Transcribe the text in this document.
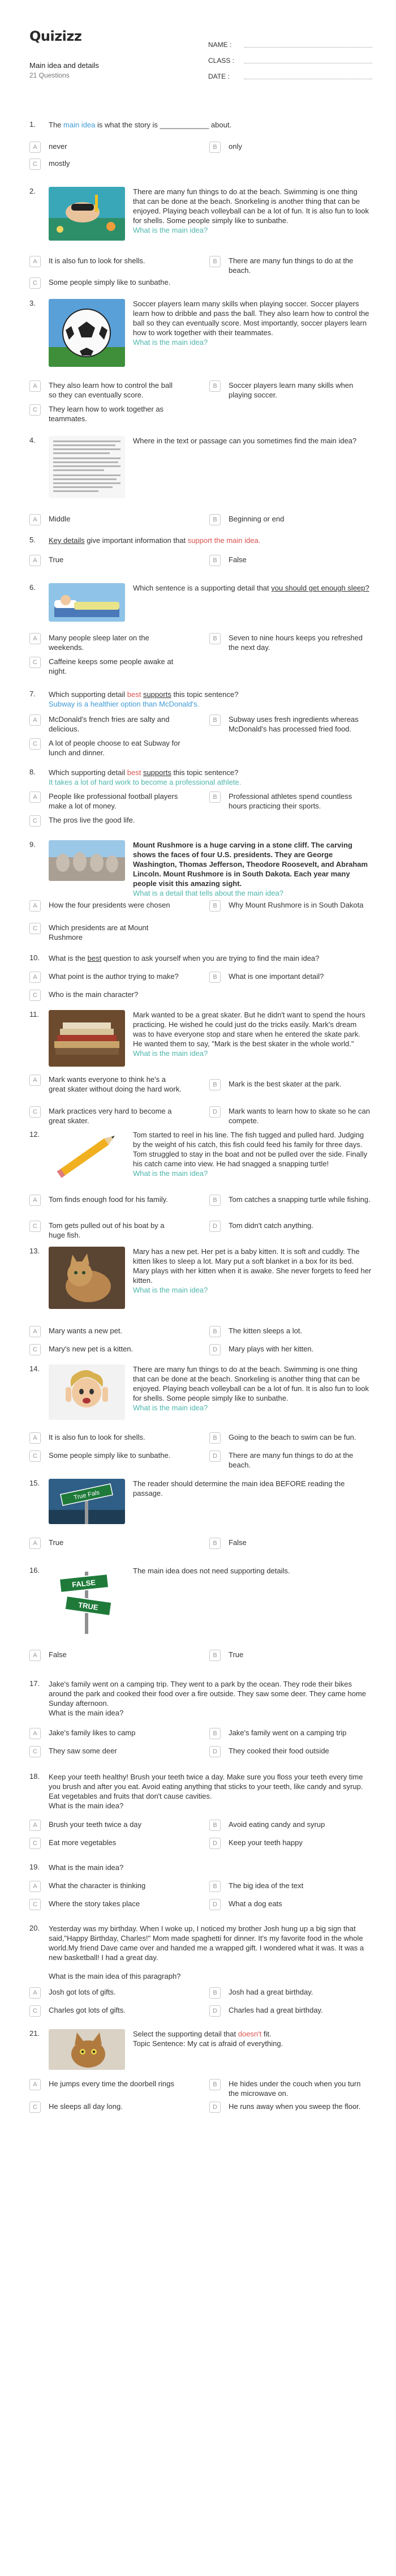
Quizizz
Main idea and details
21 Questions
NAME :
CLASS :
DATE :
1.	The main idea is what the story is ____________ about.
A	never	B	only
C	mostly
2.	There are many fun things to do at the beach. Swimming is one thing that can be done at the beach. Snorkeling is another thing that can be enjoyed. Playing beach volleyball can be a lot of fun. It is also fun to look for shells. Some people simply like to sunbathe.
What is the main idea?
A	It is also fun to look for shells.	B	There are many fun things to do at the beach.
C	Some people simply like to sunbathe.
3.	Soccer players learn many skills when playing soccer. Soccer players learn how to dribble and pass the ball. They also learn how to control the ball so they can eventually score. Most importantly, soccer players learn how to work together with their teammates.
What is the main idea?
A	They also learn how to control the ball so they can eventually score.
B	Soccer players learn many skills when playing soccer.
C	They learn how to work together as teammates.
4.	Where in the text or passage can you sometimes find the main idea?
A	Middle	B	Beginning or end
5.	Key details give important information that support the main idea.
A	True	B	False
6.	Which sentence is a supporting detail that you should get enough sleep?
A	Many people sleep later on the weekends.
B	Seven to nine hours keeps you refreshed the next day.
C	Caffeine keeps some people awake at night.
7.	Which supporting detail best supports this topic sentence?
Subway is a healthier option than McDonald's.
A	McDonald's french fries are salty and delicious.
B	Subway uses fresh ingredients whereas McDonald's has processed fried food.
C	A lot of people choose to eat Subway for lunch and dinner.
8.	Which supporting detail best supports this topic sentence?
It takes a lot of hard work to become a professional athlete.
A	People like professional football players make a lot of money.
B	Professional athletes spend countless hours practicing their sports.
C	The pros live the good life.
9.	Mount Rushmore is a huge carving in a stone cliff. The carving shows the faces of four U.S. presidents. They are George Washington, Thomas Jefferson, Theodore Roosevelt, and Abraham Lincoln. Mount Rushmore is in South Dakota. Each year many people visit this amazing sight.
What is a detail that tells about the main idea?
A	How the four presidents were chosen	B	Why Mount Rushmore is in South Dakota
C	Which presidents are at Mount Rushmore
10.	What is the best question to ask yourself when you are trying to find the main idea?
A	What point is the author trying to make?	B	What is one important detail?
C	Who is the main character?
11.	Mark wanted to be a great skater. But he didn't want to spend the hours practicing. He wished he could just do the tricks easily. Mark's dream was to have everyone stop and stare when he entered the skate park. He wanted them to say, "Mark is the best skater in the whole world."
What is the main idea?
A	Mark wants everyone to think he's a great skater without doing the hard work.	B	Mark is the best skater at the park.
C	Mark practices very hard to become a great skater.
D	Mark wants to learn how to skate so he can compete.
12.	Tom started to reel in his line. The fish tugged and pulled hard. Judging by the weight of his catch, this fish could feed his family for three days. Tom struggled to stay in the boat and not be pulled over the side. Finally his catch came into view. He had snagged a snapping turtle!
What is the main idea?
A	Tom finds enough food for his family.	B	Tom catches a snapping turtle while fishing.
C	Tom gets pulled out of his boat by a huge fish.
D	Tom didn't catch anything.
13.	Mary has a new pet. Her pet is a baby kitten. It is soft and cuddly. The kitten likes to sleep a lot. Mary put a soft blanket in a box for its bed. Mary plays with her kitten when it is awake. She never forgets to feed her kitten.
What is the main idea?
A	Mary wants a new pet.	B	The kitten sleeps a lot.
C	Mary's new pet is a kitten.	D	Mary plays with her kitten.
14.	There are many fun things to do at the beach. Swimming is one thing that can be done at the beach. Snorkeling is another thing that can be enjoyed. Playing beach volleyball can be a lot of fun. It is also fun to look for shells. Some people simply like to sunbathe.
What is the main idea?
A	It is also fun to look for shells.	B	Going to the beach to swim can be fun.
C	Some people simply like to sunbathe.	D	There are many fun things to do at the beach.
15.
True Fals
The reader should determine the main idea BEFORE reading the passage.
A	True	B	False
16.
FALSE
TRUE
The main idea does not need supporting details.
A	False	B	True
17.	Jake's family went on a camping trip. They went to a park by the ocean. They rode their bikes around the park and cooked their food over a fire outside. They saw some deer. They came home Sunday afternoon.
What is the main idea?
A	Jake's family likes to camp	B	Jake's family went on a camping trip
C	They saw some deer	D	They cooked their food outside
18.	Keep your teeth healthy! Brush your teeth twice a day. Make sure you floss your teeth every time you brush and after you eat. Avoid eating anything that sticks to your teeth, like candy and syrup. Eat vegetables and fruits that don't cause cavities.
What is the main idea?
A	Brush your teeth twice a day	B	Avoid eating candy and syrup
C	Eat more vegetables	D	Keep your teeth happy
19.	What is the main idea?
A	What the character is thinking	B	The big idea of the text
C	Where the story takes place	D	What a dog eats
20.	Yesterday was my birthday. When I woke up, I noticed my brother Josh hung up a big sign that said,"Happy Birthday, Charles!" Mom made spaghetti for dinner. It's my favorite food in the whole world.My friend Dave came over and handed me a wrapped gift. I wondered what it was. It was a new basketball! I had a great day.
What is the main idea of this paragraph?
A	Josh got lots of gifts.	B	Josh had a great birthday.
C	Charles got lots of gifts.	D	Charles had a great birthday.
21.	Select the supporting detail that doesn't fit.
Topic Sentence: My cat is afraid of everything.
A	He jumps every time the doorbell rings	B	He hides under the couch when you turn the microwave on.
C	He sleeps all day long.	D	He runs away when you sweep the floor.
